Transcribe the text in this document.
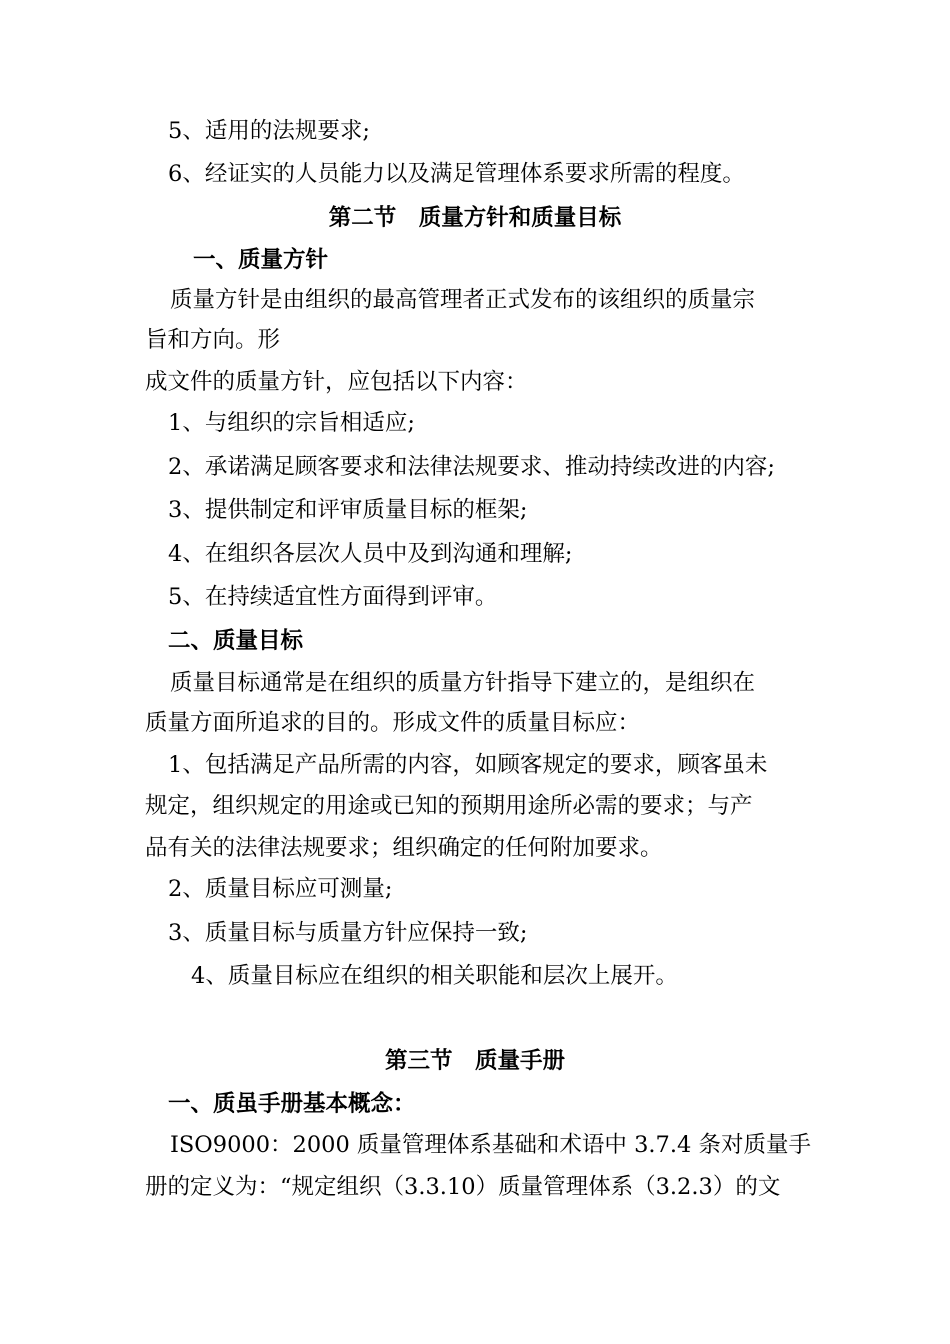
5、适用的法规要求;
6、经证实的人员能力以及满足管理体系要求所需的程度。
第二节　质量方针和质量目标
一、质量方针
质量方针是由组织的最高管理者正式发布的该组织的质量宗
旨和方向。形
成文件的质量方针，应包括以下内容：
1、与组织的宗旨相适应;
2、承诺满足顾客要求和法律法规要求、推动持续改进的内容;
3、提供制定和评审质量目标的框架;
4、在组织各层次人员中及到沟通和理解;
5、在持续适宜性方面得到评审。
二、质量目标
质量目标通常是在组织的质量方针指导下建立的，是组织在
质量方面所追求的目的。形成文件的质量目标应：
1、包括满足产品所需的内容，如顾客规定的要求，顾客虽未
规定，组织规定的用途或已知的预期用途所必需的要求；与产
品有关的法律法规要求；组织确定的任何附加要求。
2、质量目标应可测量;
3、质量目标与质量方针应保持一致;
4、质量目标应在组织的相关职能和层次上展开。
第三节　质量手册
一、质虽手册基本概念：
ISO9000：2000 质量管理体系基础和术语中 3.7.4 条对质量手
册的定义为：“规定组织（3.3.10）质量管理体系（3.2.3）的文
